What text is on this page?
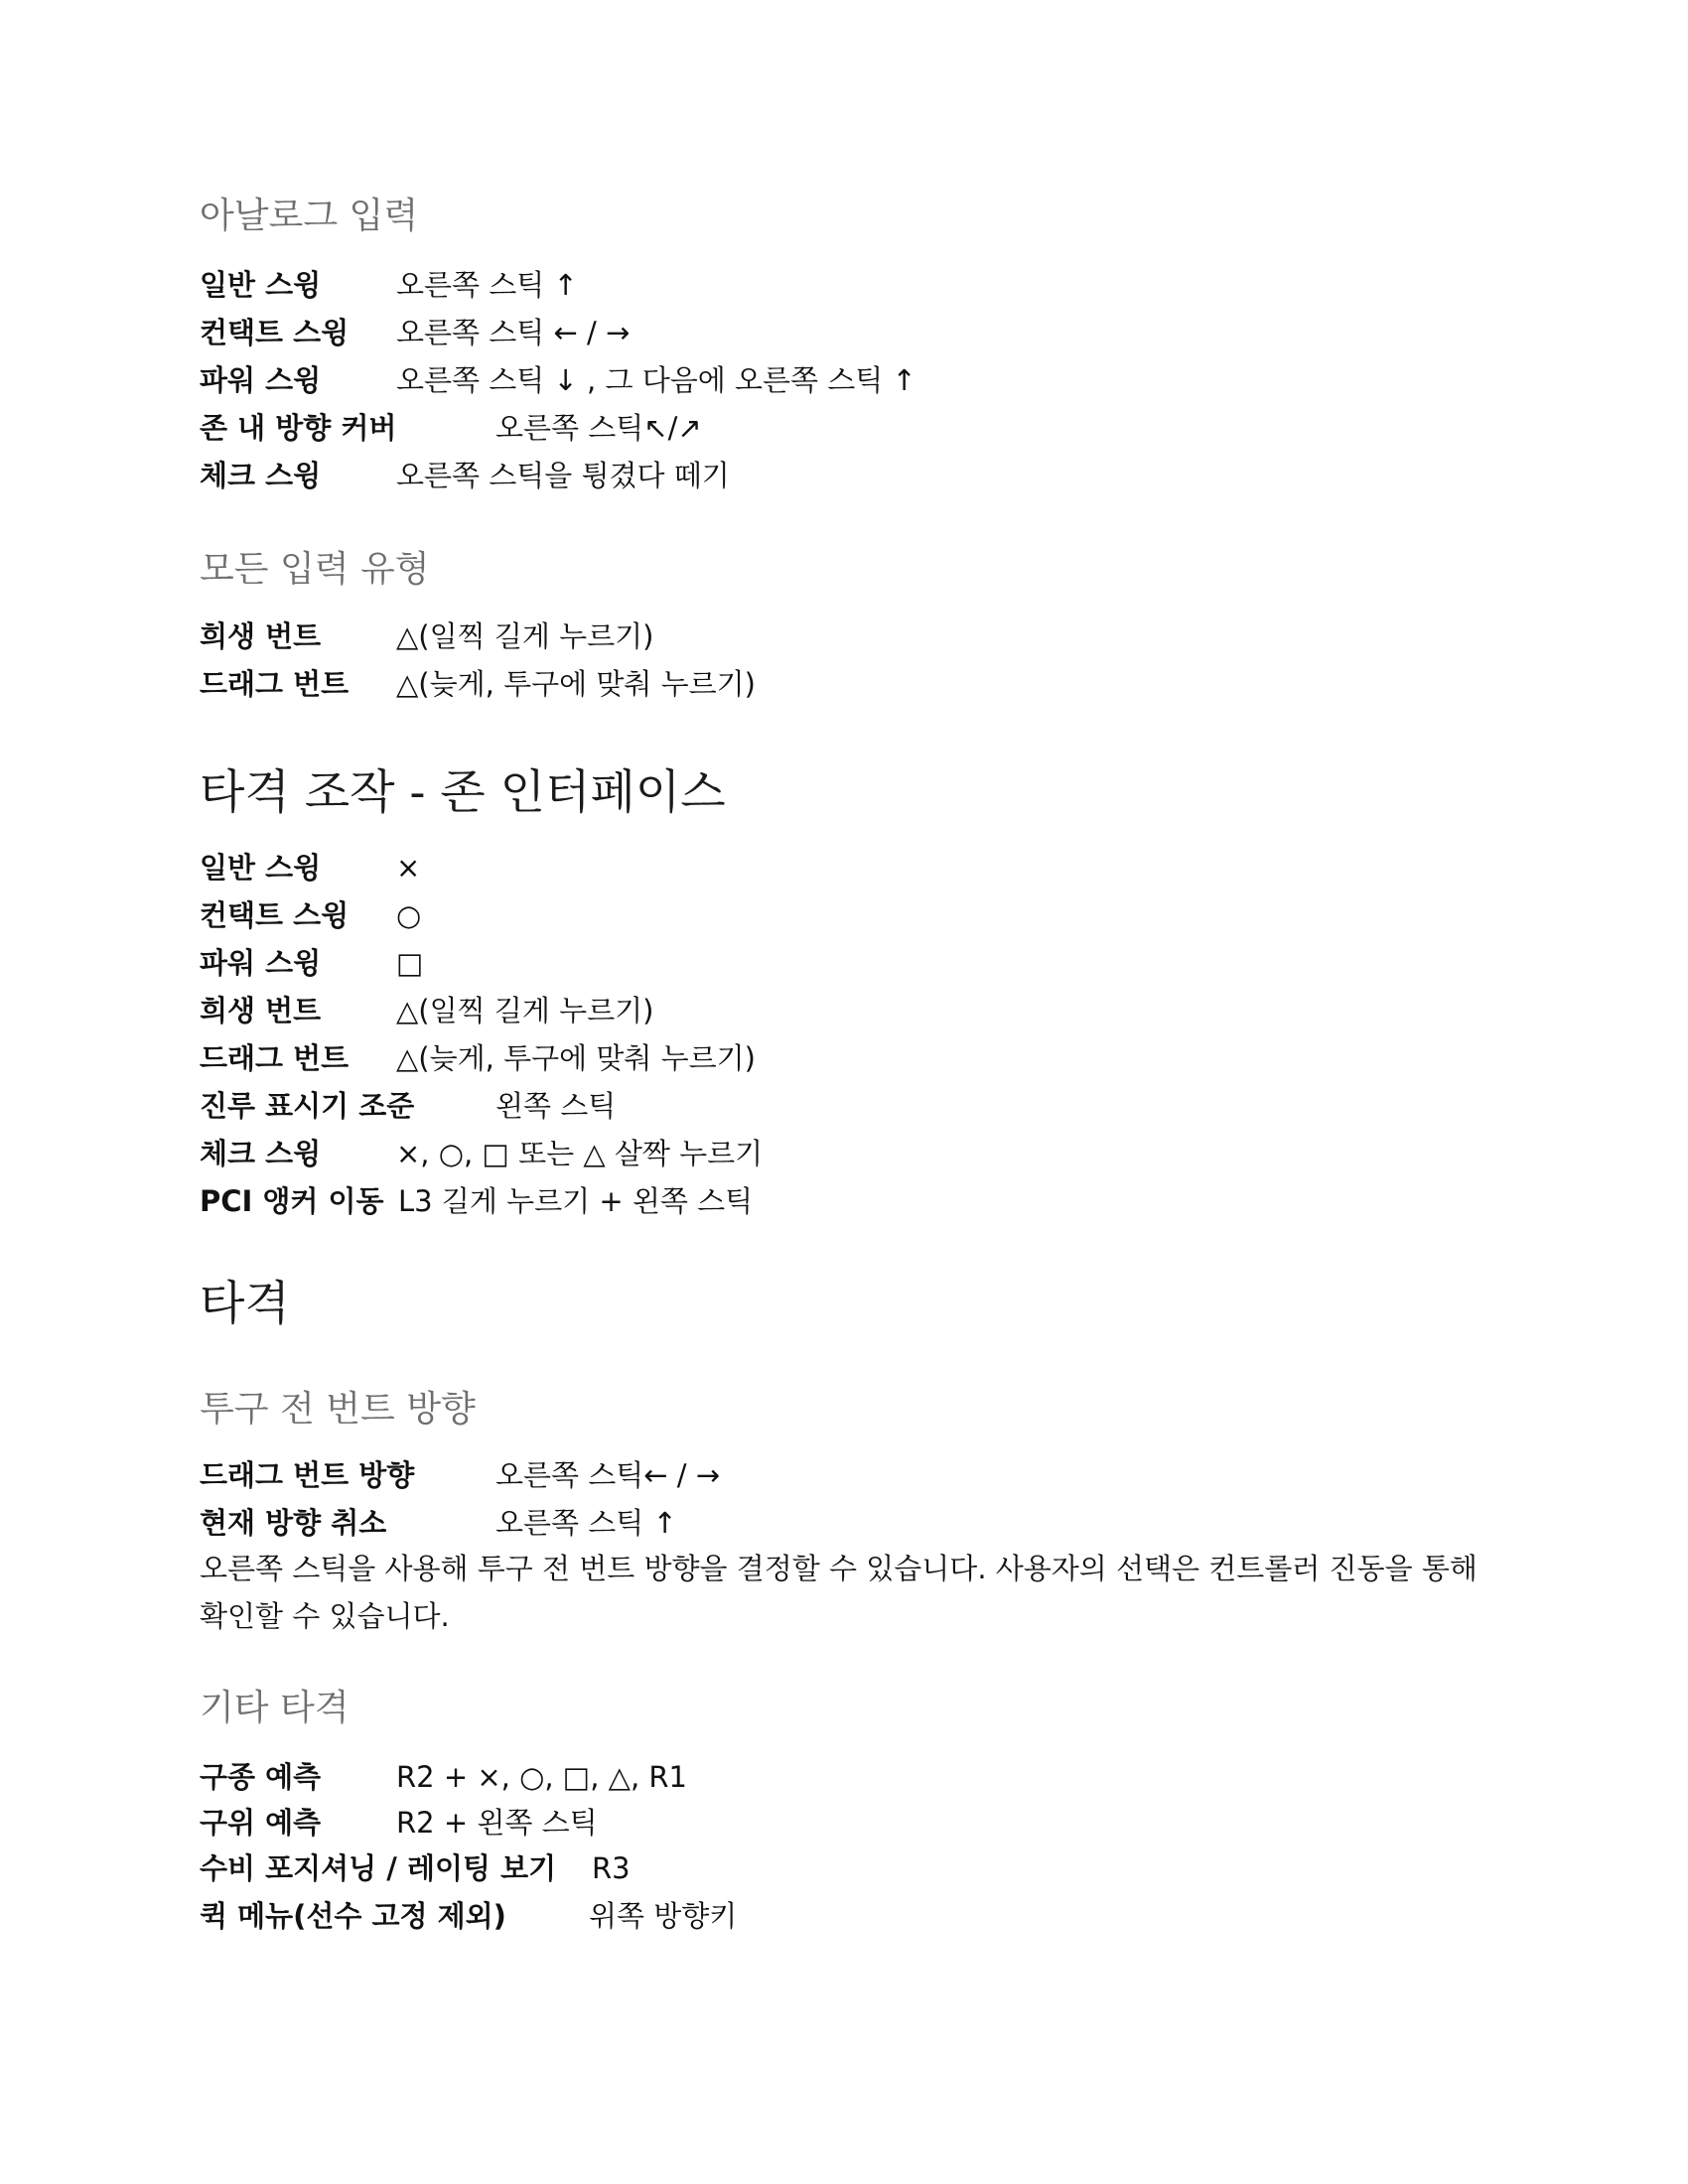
아날로그 입력
일반 스윙	오른쪽 스틱 ↑
컨택트 스윙 오른쪽 스틱 ← / →
파워 스윙	오른쪽 스틱 ↓ , 그 다음에 오른쪽 스틱 ↑
존 내 방향 커버	오른쪽 스틱↖/↗
체크 스윙	오른쪽 스틱을 튕겼다 떼기
모든 입력 유형
희생 번트	△(일찍 길게 누르기)
드래그 번트 △(늦게, 투구에 맞춰 누르기)
타격 조작 - 존 인터페이스
일반 스윙	×
컨택트 스윙 ○
파워 스윙	□
희생 번트	△(일찍 길게 누르기)
드래그 번트 △(늦게, 투구에 맞춰 누르기)
진루 표시기 조준	왼쪽 스틱
체크 스윙	×, ○, □ 또는 △ 살짝 누르기
PCI 앵커 이동 L3 길게 누르기 + 왼쪽 스틱
타격
투구 전 번트 방향
드래그 번트 방향	오른쪽 스틱← / →
현재 방향 취소	오른쪽 스틱 ↑
오른쪽 스틱을 사용해 투구 전 번트 방향을 결정할 수 있습니다. 사용자의 선택은 컨트롤러 진동을 통해 확인할 수 있습니다.
기타 타격
구종 예측	R2 + ×, ○, □, △, R1
구위 예측	R2 + 왼쪽 스틱
수비 포지셔닝 / 레이팅 보기 R3
퀵 메뉴(선수 고정 제외)	위쪽 방향키
